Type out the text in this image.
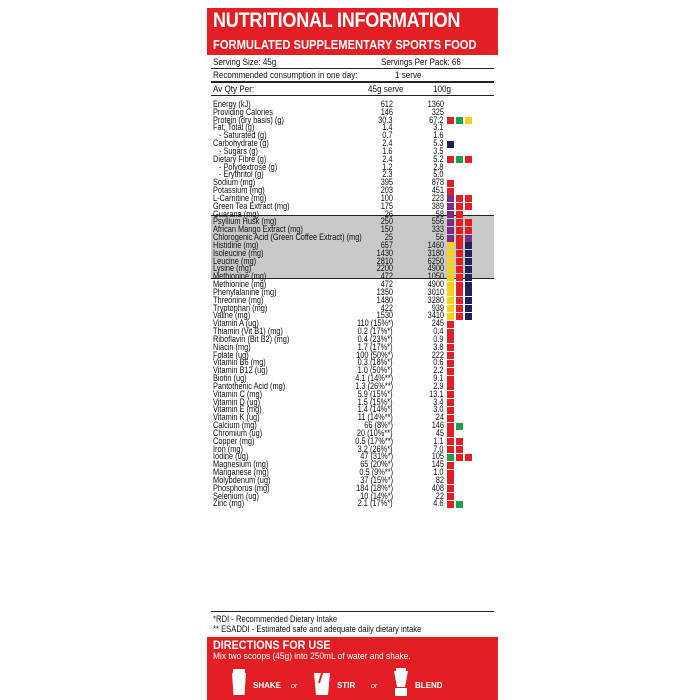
NUTRITIONAL INFORMATION
FORMULATED SUPPLEMENTARY SPORTS FOOD
Serving Size: 45g	Servings Per Pack: 66
Recommended consumption in one day:	1 serve
Av Qty Per:	45g serve	100g
Energy (kJ)	612	1360
Providing Calories	146	325
Protein (dry basis) (g)	30.3	67.2
Fat, Total (g)	1.4	3.1
- Saturated (g)	0.7	1.6
Carbohydrate (g)	2.4	5.3
- Sugars (g)	1.6	3.5
Dietary Fibre (g)	2.4	5.2
- Polydextrose (g)	1.2	2.8
- Erythritol (g)	2.3	5.0
Sodium (mg)	395	878
Potassium (mg)	203	451
L-Carnitine (mg)	100	223
Green Tea Extract (mg)	175	389
Guarana (mg)	26	58
Psyllium Husk (mg)	250	556
African Mango Extract (mg)	150	333
Chlorogenic Acid (Green Coffee Extract) (mg)	25	56
Histidine (mg)	657	1460
Isoleucine (mg)	1430	3180
Leucine (mg)	2810	6250
Lysine (mg)	2200	4900
Methionine (mg)	472	1050
Methionine (mg)	472	4900
Phenylalanine (mg)	1350	3010
Threonine (mg)	1480	3280
Tryptophan (mg)	422	939
Valine (mg)	1530	3410
Vitamin A (ug)	110 (15%*)	245
Thiamin (Vit B1) (mg)	0.2 (17%*)	0.4
Riboflavin (Bit B2) (mg)	0.4 (23%*)	0.9
Niacin (mg)	1.7 (17%*)	3.8
Folate (ug)	100 (50%*)	222
Vitamin B6 (mg)	0.3 (18%*)	0.6
Vitamin B12 (ug)	1.0 (50%*)	2.2
Biotin (ug)	4.1 (14%**)	9.1
Pantothenic Acid (mg)	1.3 (26%**)	2.9
Vitamin C (mg)	5.9 (15%*)	13.1
Vitamin D (ug)	1.5 (15%*)	3.4
Vitamin E (mg)	1.4 (14%*)	3.0
Vitamin K (ug)	11 (14%**)	24
Calcium (mg)	66 (8%*)	146
Chromium (ug)	20 (10%**)	45
Copper (mg)	0.5 (17%**)	1.1
Iron (mg)	3.2 (26%*)	7.0
Iodine (ug)	47 (31%*)	105
Magnesium (mg)	65 (20%*)	145
Manganese (mg)	0.5 (9%**)	1.0
Molybdenum (ug)	37 (15%*)	82
Phosphorus (mg)	184 (18%*)	408
Selenium (ug)	10 (14%*)	22
Zinc (mg)	2.1 (17%*)	4.6
*RDI - Recommended Dietary Intake
** ESADDI - Estimated safe and adequate daily dietary intake
DIRECTIONS FOR USE
Mix two scoops (45g) into 250mL of water and shake.
SHAKE or	STIR or	BLEND
